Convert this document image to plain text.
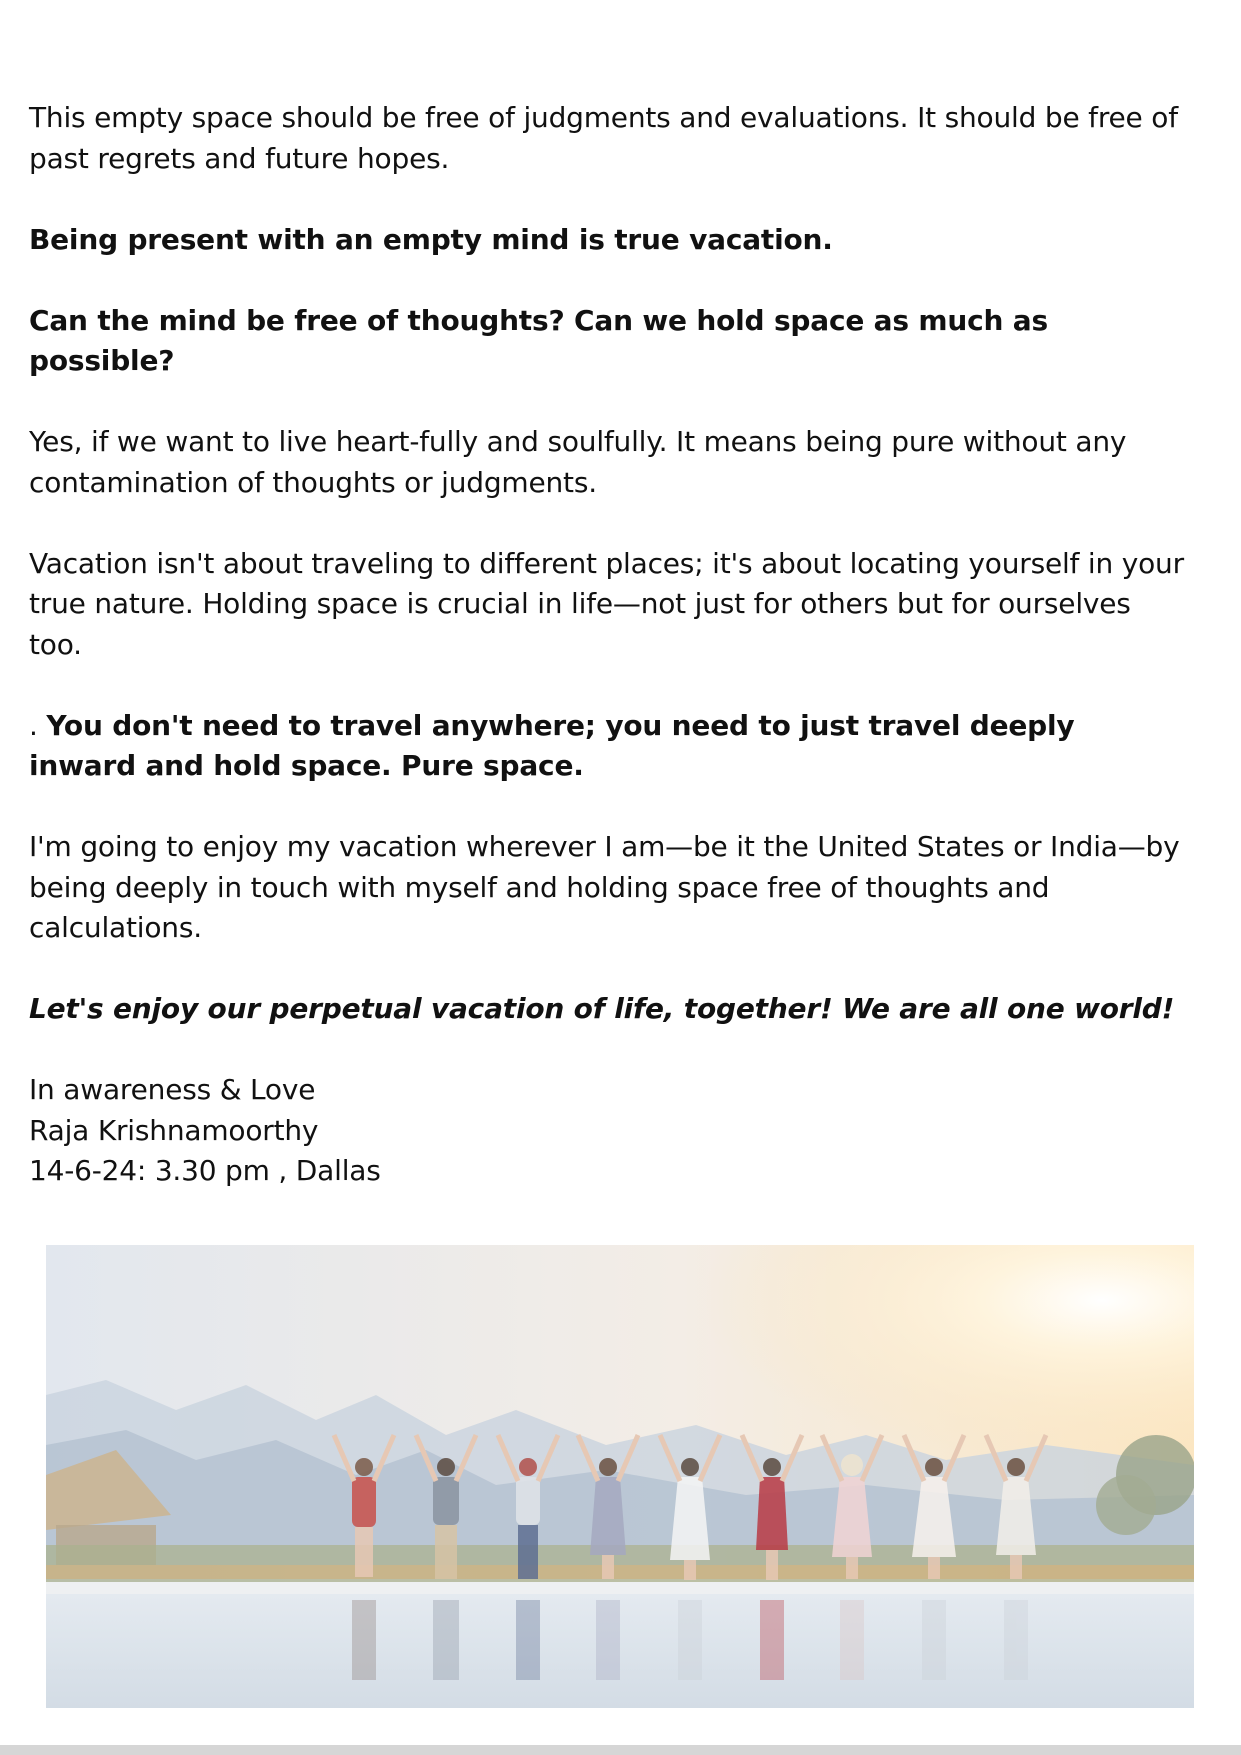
This empty space should be free of judgments and evaluations. It should be free of past regrets and future hopes.

Being present with an empty mind is true vacation.

Can the mind be free of thoughts? Can we hold space as much as possible?

Yes, if we want to live heart-fully and soulfully. It means being pure without any contamination of thoughts or judgments.

Vacation isn't about traveling to different places; it's about locating yourself in your true nature. Holding space is crucial in life—not just for others but for ourselves too.

. You don't need to travel anywhere; you need to just travel deeply inward and hold space. Pure space.

I'm going to enjoy my vacation wherever I am—be it the United States or India—by being deeply in touch with myself and holding space free of thoughts and calculations.

Let's enjoy our perpetual vacation of life, together! We are all one world!

In awareness & Love
Raja Krishnamoorthy
14-6-24: 3.30 pm , Dallas
